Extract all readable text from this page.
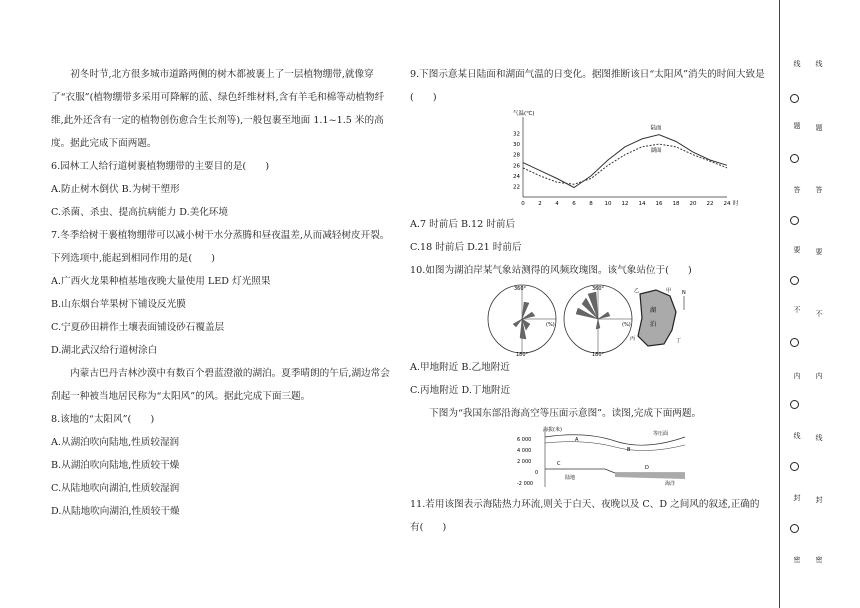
初冬时节,北方很多城市道路两侧的树木都被裹上了一层植物绷带,就像穿了“衣服”(植物绷带多采用可降解的蓝、绿色纤维材料,含有羊毛和棉等动植物纤维,此外还含有一定的植物创伤愈合生长剂等),一般包裹至地面 1.1~1.5 米的高度。据此完成下面两题。

6.园林工人给行道树裹植物绷带的主要目的是(　　)

A.防止树木倒伏 B.为树干塑形

C.杀菌、杀虫、提高抗病能力 D.美化环境

7.冬季给树干裹植物绷带可以减小树干水分蒸腾和昼夜温差,从而减轻树皮开裂。下列选项中,能起到相同作用的是(　　)

A.广西火龙果种植基地夜晚大量使用 LED 灯光照果

B.山东烟台苹果树下铺设反光膜

C.宁夏砂田耕作土壤表面铺设砂石覆盖层

D.湖北武汉给行道树涂白

内蒙古巴丹吉林沙漠中有数百个碧蓝澄澈的湖泊。夏季晴朗的午后,湖边常会刮起一种被当地居民称为“太阳风”的风。据此完成下面三题。

8.该地的“太阳风”(　　)

A.从湖泊吹向陆地,性质较湿润

B.从湖泊吹向陆地,性质较干燥

C.从陆地吹向湖泊,性质较湿润

D.从陆地吹向湖泊,性质较干燥

9.下图示意某日陆面和湖面气温的日变化。据图推断该日“太阳风”消失的时间大致是(　　)

气温(℃)
22
24
26
28
30
32
0 2 4 6 8 10 12 14 16 18 20 22 24 时
陆面
湖面

A.7 时前后 B.12 时前后

C.18 时前后 D.21 时前后

10.如图为湖泊岸某气象站测得的风频玫瑰图。该气象站位于(　　)

360°
(%)
180°
360°
(%)
180°
湖
泊
甲
乙
丙	丁
N

A.甲地附近 B.乙地附近

C.丙地附近 D.丁地附近

下图为“我国东部沿海高空等压面示意图”。读图,完成下面两题。

海拔(米)
6 000
4 000
2 000
0
-2 000
等压面
A
B
C
D
陆地
海洋

11.若用该图表示海陆热力环流,则关于白天、夜晚以及 C、D 之间风的叙述,正确的有(　　)

线
题
答
要
不
内
线
封
密
线
题
答
要
不
内
线
封
密
